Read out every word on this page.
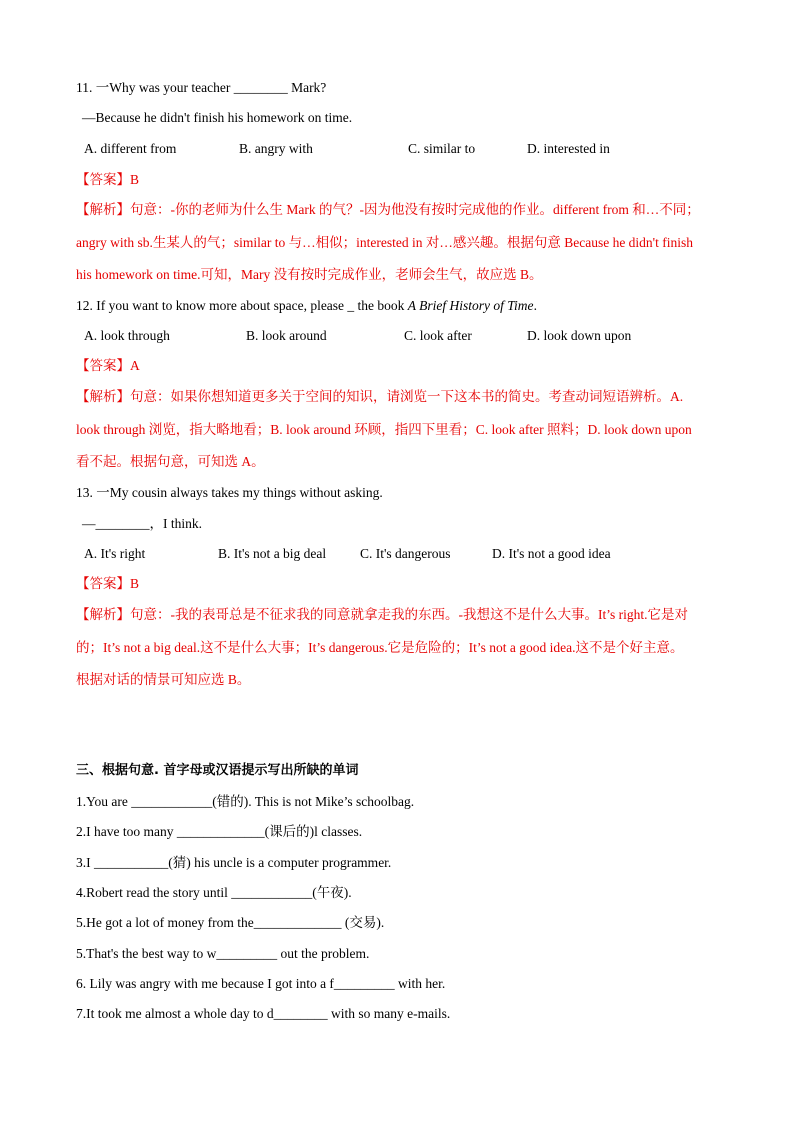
11. 一Why was your teacher ________ Mark?
—Because he didn't finish his homework on time.
A. different from	B. angry with	C. similar to	D. interested in
【答案】B
【解析】句意：-你的老师为什么生 Mark 的气？-因为他没有按时完成他的作业。different from 和…不同；
angry with sb.生某人的气；similar to 与…相似；interested in 对…感兴趣。根据句意 Because he didn't finish
his homework on time.可知，Mary 没有按时完成作业，老师会生气，故应选 B。
12. If you want to know more about space, please _ the book A Brief History of Time.
A. look through	B. look around	C. look after	D. look down upon
【答案】A
【解析】句意：如果你想知道更多关于空间的知识，请浏览一下这本书的简史。考查动词短语辨析。A.
look through 浏览，指大略地看；B. look around 环顾，指四下里看；C. look after 照料；D. look down upon
看不起。根据句意，可知选 A。
13. 一My cousin always takes my things without asking.
—________，I think.
A. It's right	B. It's not a big deal	C. It's dangerous	D. It's not a good idea
【答案】B
【解析】句意：-我的表哥总是不征求我的同意就拿走我的东西。-我想这不是什么大事。It’s right.它是对
的；It’s not a big deal.这不是什么大事；It’s dangerous.它是危险的；It’s not a good idea.这不是个好主意。
根据对话的情景可知应选 B。
三、根据句意. 首字母或汉语提示写出所缺的单词
1.You are ____________(错的). This is not Mike’s schoolbag.
2.I have too many _____________(课后的)l classes.
3.I ___________(猜) his uncle is a computer programmer.
4.Robert read the story until ____________(午夜).
5.He got a lot of money from the_____________ (交易).
5.That's the best way to w_________ out the problem.
6. Lily was angry with me because I got into a f_________ with her.
7.It took me almost a whole day to d________ with so many e-mails.
